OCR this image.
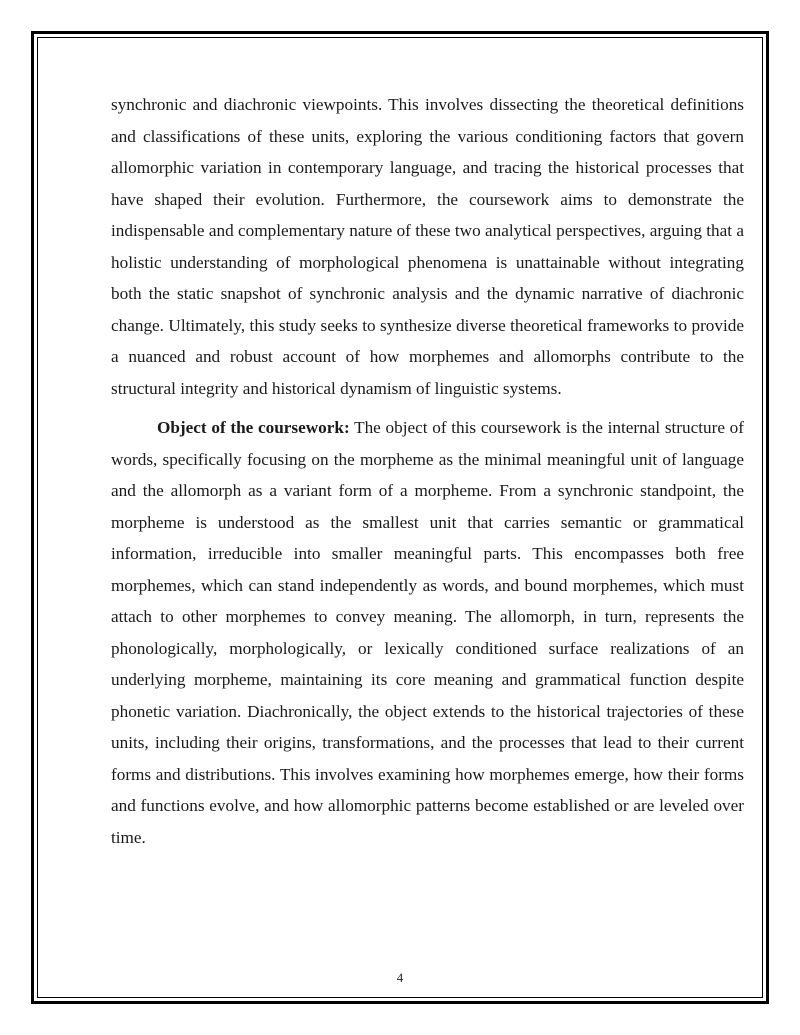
synchronic and diachronic viewpoints. This involves dissecting the theoretical definitions and classifications of these units, exploring the various conditioning factors that govern allomorphic variation in contemporary language, and tracing the historical processes that have shaped their evolution. Furthermore, the coursework aims to demonstrate the indispensable and complementary nature of these two analytical perspectives, arguing that a holistic understanding of morphological phenomena is unattainable without integrating both the static snapshot of synchronic analysis and the dynamic narrative of diachronic change. Ultimately, this study seeks to synthesize diverse theoretical frameworks to provide a nuanced and robust account of how morphemes and allomorphs contribute to the structural integrity and historical dynamism of linguistic systems.

Object of the coursework: The object of this coursework is the internal structure of words, specifically focusing on the morpheme as the minimal meaningful unit of language and the allomorph as a variant form of a morpheme. From a synchronic standpoint, the morpheme is understood as the smallest unit that carries semantic or grammatical information, irreducible into smaller meaningful parts. This encompasses both free morphemes, which can stand independently as words, and bound morphemes, which must attach to other morphemes to convey meaning. The allomorph, in turn, represents the phonologically, morphologically, or lexically conditioned surface realizations of an underlying morpheme, maintaining its core meaning and grammatical function despite phonetic variation. Diachronically, the object extends to the historical trajectories of these units, including their origins, transformations, and the processes that lead to their current forms and distributions. This involves examining how morphemes emerge, how their forms and functions evolve, and how allomorphic patterns become established or are leveled over time.

4
